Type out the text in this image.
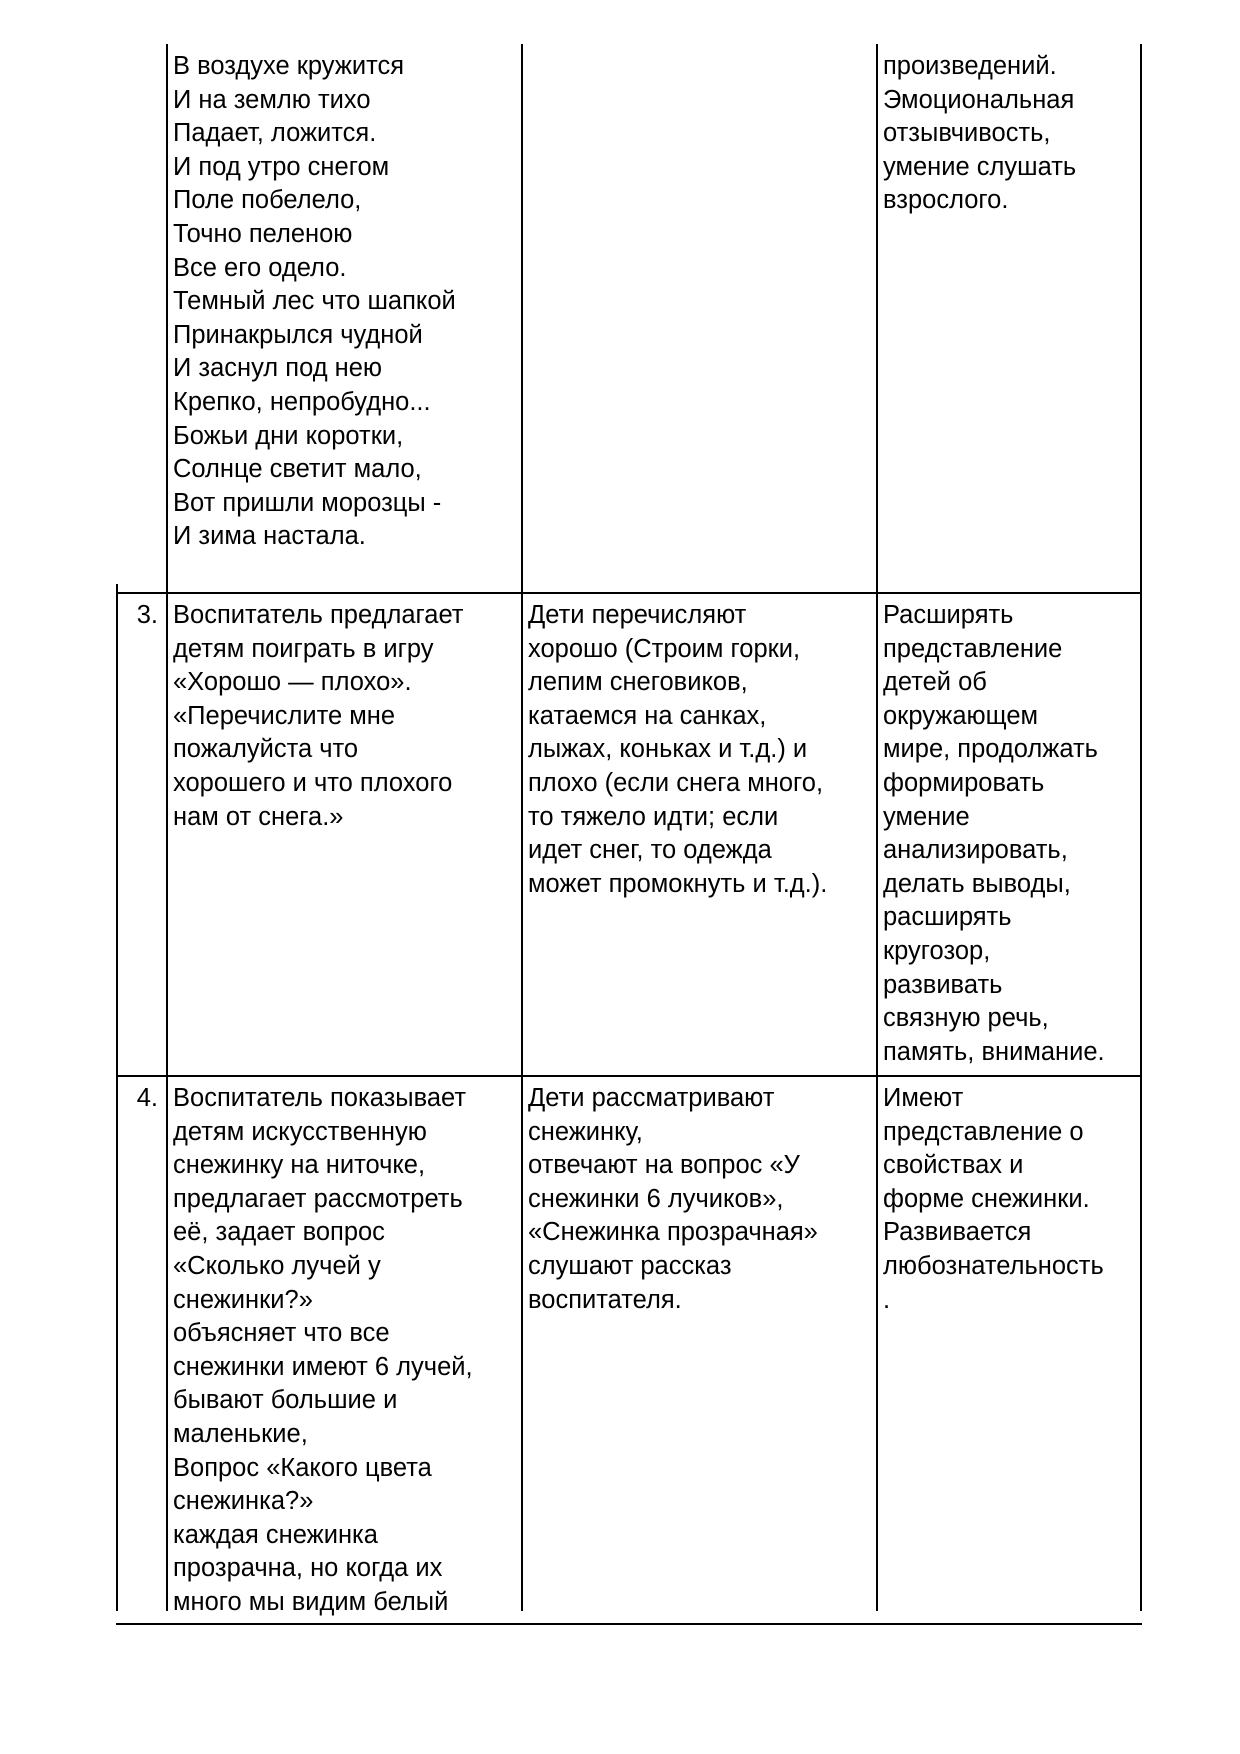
В воздухе кружится
И на землю тихо
Падает, ложится.
И под утро снегом
Поле побелело,
Точно пеленою
Все его одело.
Темный лес что шапкой
Принакрылся чудной
И заснул под нею
Крепко, непробудно...
Божьи дни коротки,
Солнце светит мало,
Вот пришли морозцы -
И зима настала.

произведений.
Эмоциональная
отзывчивость,
умение слушать
взрослого.

3. Воспитатель предлагает
детям поиграть в игру
«Хорошо — плохо».
«Перечислите мне
пожалуйста что
хорошего и что плохого
нам от снега.»

Дети перечисляют
хорошо (Строим горки,
лепим снеговиков,
катаемся на санках,
лыжах, коньках и т.д.) и
плохо (если снега много,
то тяжело идти; если
идет снег, то одежда
может промокнуть и т.д.).

Расширять
представление
детей об
окружающем
мире, продолжать
формировать
умение
анализировать,
делать выводы,
расширять
кругозор,
развивать
связную речь,
память, внимание.

4. Воспитатель показывает
детям искусственную
снежинку на ниточке,
предлагает рассмотреть
её, задает вопрос
«Сколько лучей у
снежинки?»
объясняет что все
снежинки имеют 6 лучей,
бывают большие и
маленькие,
Вопрос «Какого цвета
снежинка?»
каждая снежинка
прозрачна, но когда их
много мы видим белый

Дети рассматривают
снежинку,
отвечают на вопрос «У
снежинки 6 лучиков»,
«Снежинка прозрачная»
слушают рассказ
воспитателя.

Имеют
представление о
свойствах и
форме снежинки.
Развивается
любознательность
.
